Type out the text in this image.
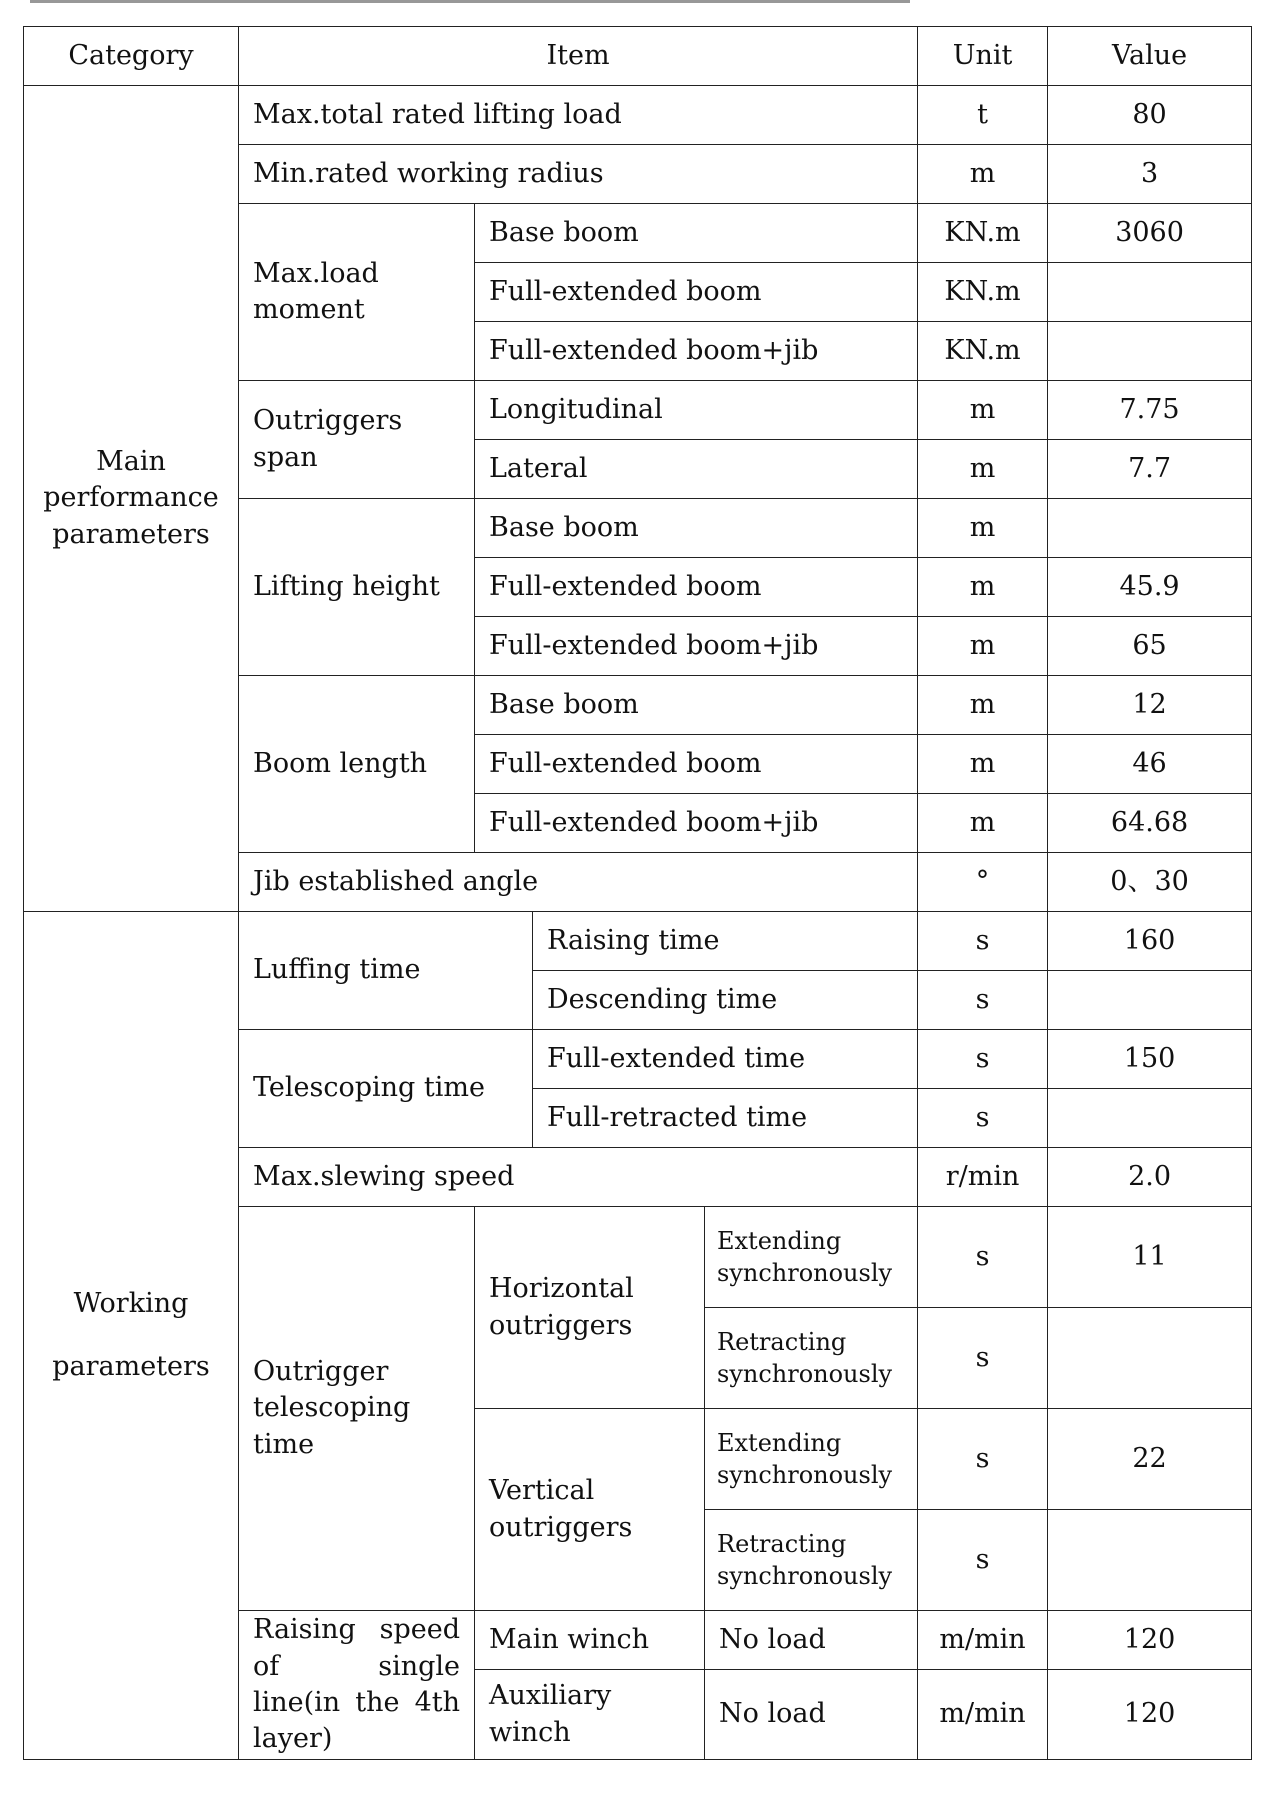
Category	Item				Unit	Value
Main performance parameters	Max.total rated lifting load				t	80
	Min.rated working radius				m	3
	Max.load moment	Base boom			KN.m	3060
		Full-extended boom			KN.m	
		Full-extended boom+jib			KN.m	
	Outriggers span	Longitudinal			m	7.75
		Lateral			m	7.7
	Lifting height	Base boom			m	
		Full-extended boom			m	45.9
		Full-extended boom+jib			m	65
	Boom length	Base boom			m	12
		Full-extended boom			m	46
		Full-extended boom+jib			m	64.68
	Jib established angle				°	0、30

Working
parameters	Luffing time		Raising time		s	160
			Descending time		s	
	Telescoping time		Full-extended time		s	150
			Full-retracted time		s	
	Max.slewing speed				r/min	2.0
	Outrigger telescoping time	Horizontal outriggers		Extending synchronously	s	11
				Retracting synchronously	s	
		Vertical outriggers		Extending synchronously	s	22
				Retracting synchronously	s	
	Raising speed of single line(in the 4th layer)	Main winch		No load	m/min	120
		Auxiliary winch		No load	m/min	120
